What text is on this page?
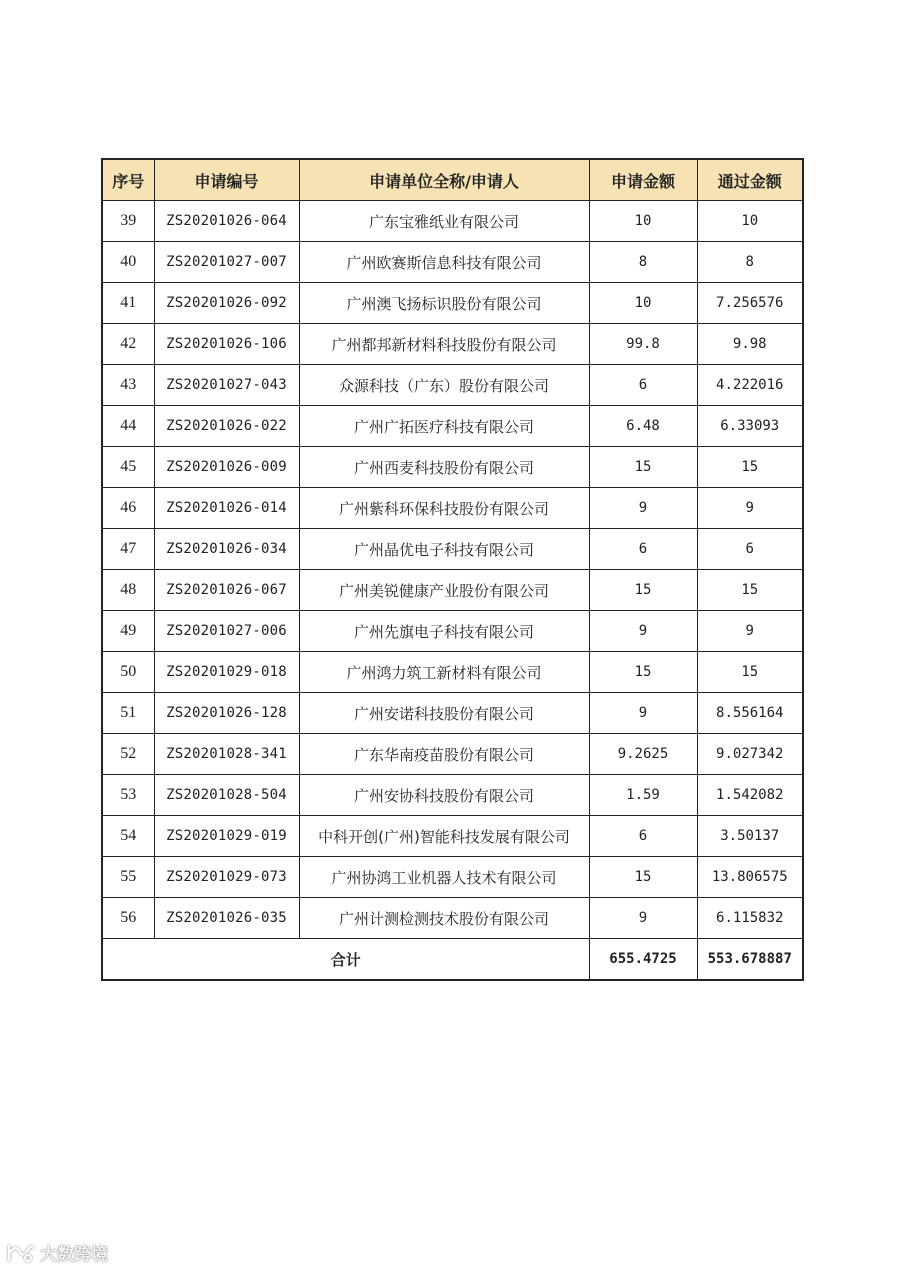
序号	申请编号	申请单位全称/申请人	申请金额	通过金额
39	ZS20201026-064	广东宝雅纸业有限公司	10	10
40	ZS20201027-007	广州欧赛斯信息科技有限公司	8	8
41	ZS20201026-092	广州澳飞扬标识股份有限公司	10	7.256576
42	ZS20201026-106	广州都邦新材料科技股份有限公司	99.8	9.98
43	ZS20201027-043	众源科技（广东）股份有限公司	6	4.222016
44	ZS20201026-022	广州广拓医疗科技有限公司	6.48	6.33093
45	ZS20201026-009	广州西麦科技股份有限公司	15	15
46	ZS20201026-014	广州紫科环保科技股份有限公司	9	9
47	ZS20201026-034	广州晶优电子科技有限公司	6	6
48	ZS20201026-067	广州美锐健康产业股份有限公司	15	15
49	ZS20201027-006	广州先旗电子科技有限公司	9	9
50	ZS20201029-018	广州鸿力筑工新材料有限公司	15	15
51	ZS20201026-128	广州安诺科技股份有限公司	9	8.556164
52	ZS20201028-341	广东华南疫苗股份有限公司	9.2625	9.027342
53	ZS20201028-504	广州安协科技股份有限公司	1.59	1.542082
54	ZS20201029-019	中科开创(广州)智能科技发展有限公司	6	3.50137
55	ZS20201029-073	广州协鸿工业机器人技术有限公司	15	13.806575
56	ZS20201026-035	广州计测检测技术股份有限公司	9	6.115832
合计			655.4725	553.678887
大数跨境
